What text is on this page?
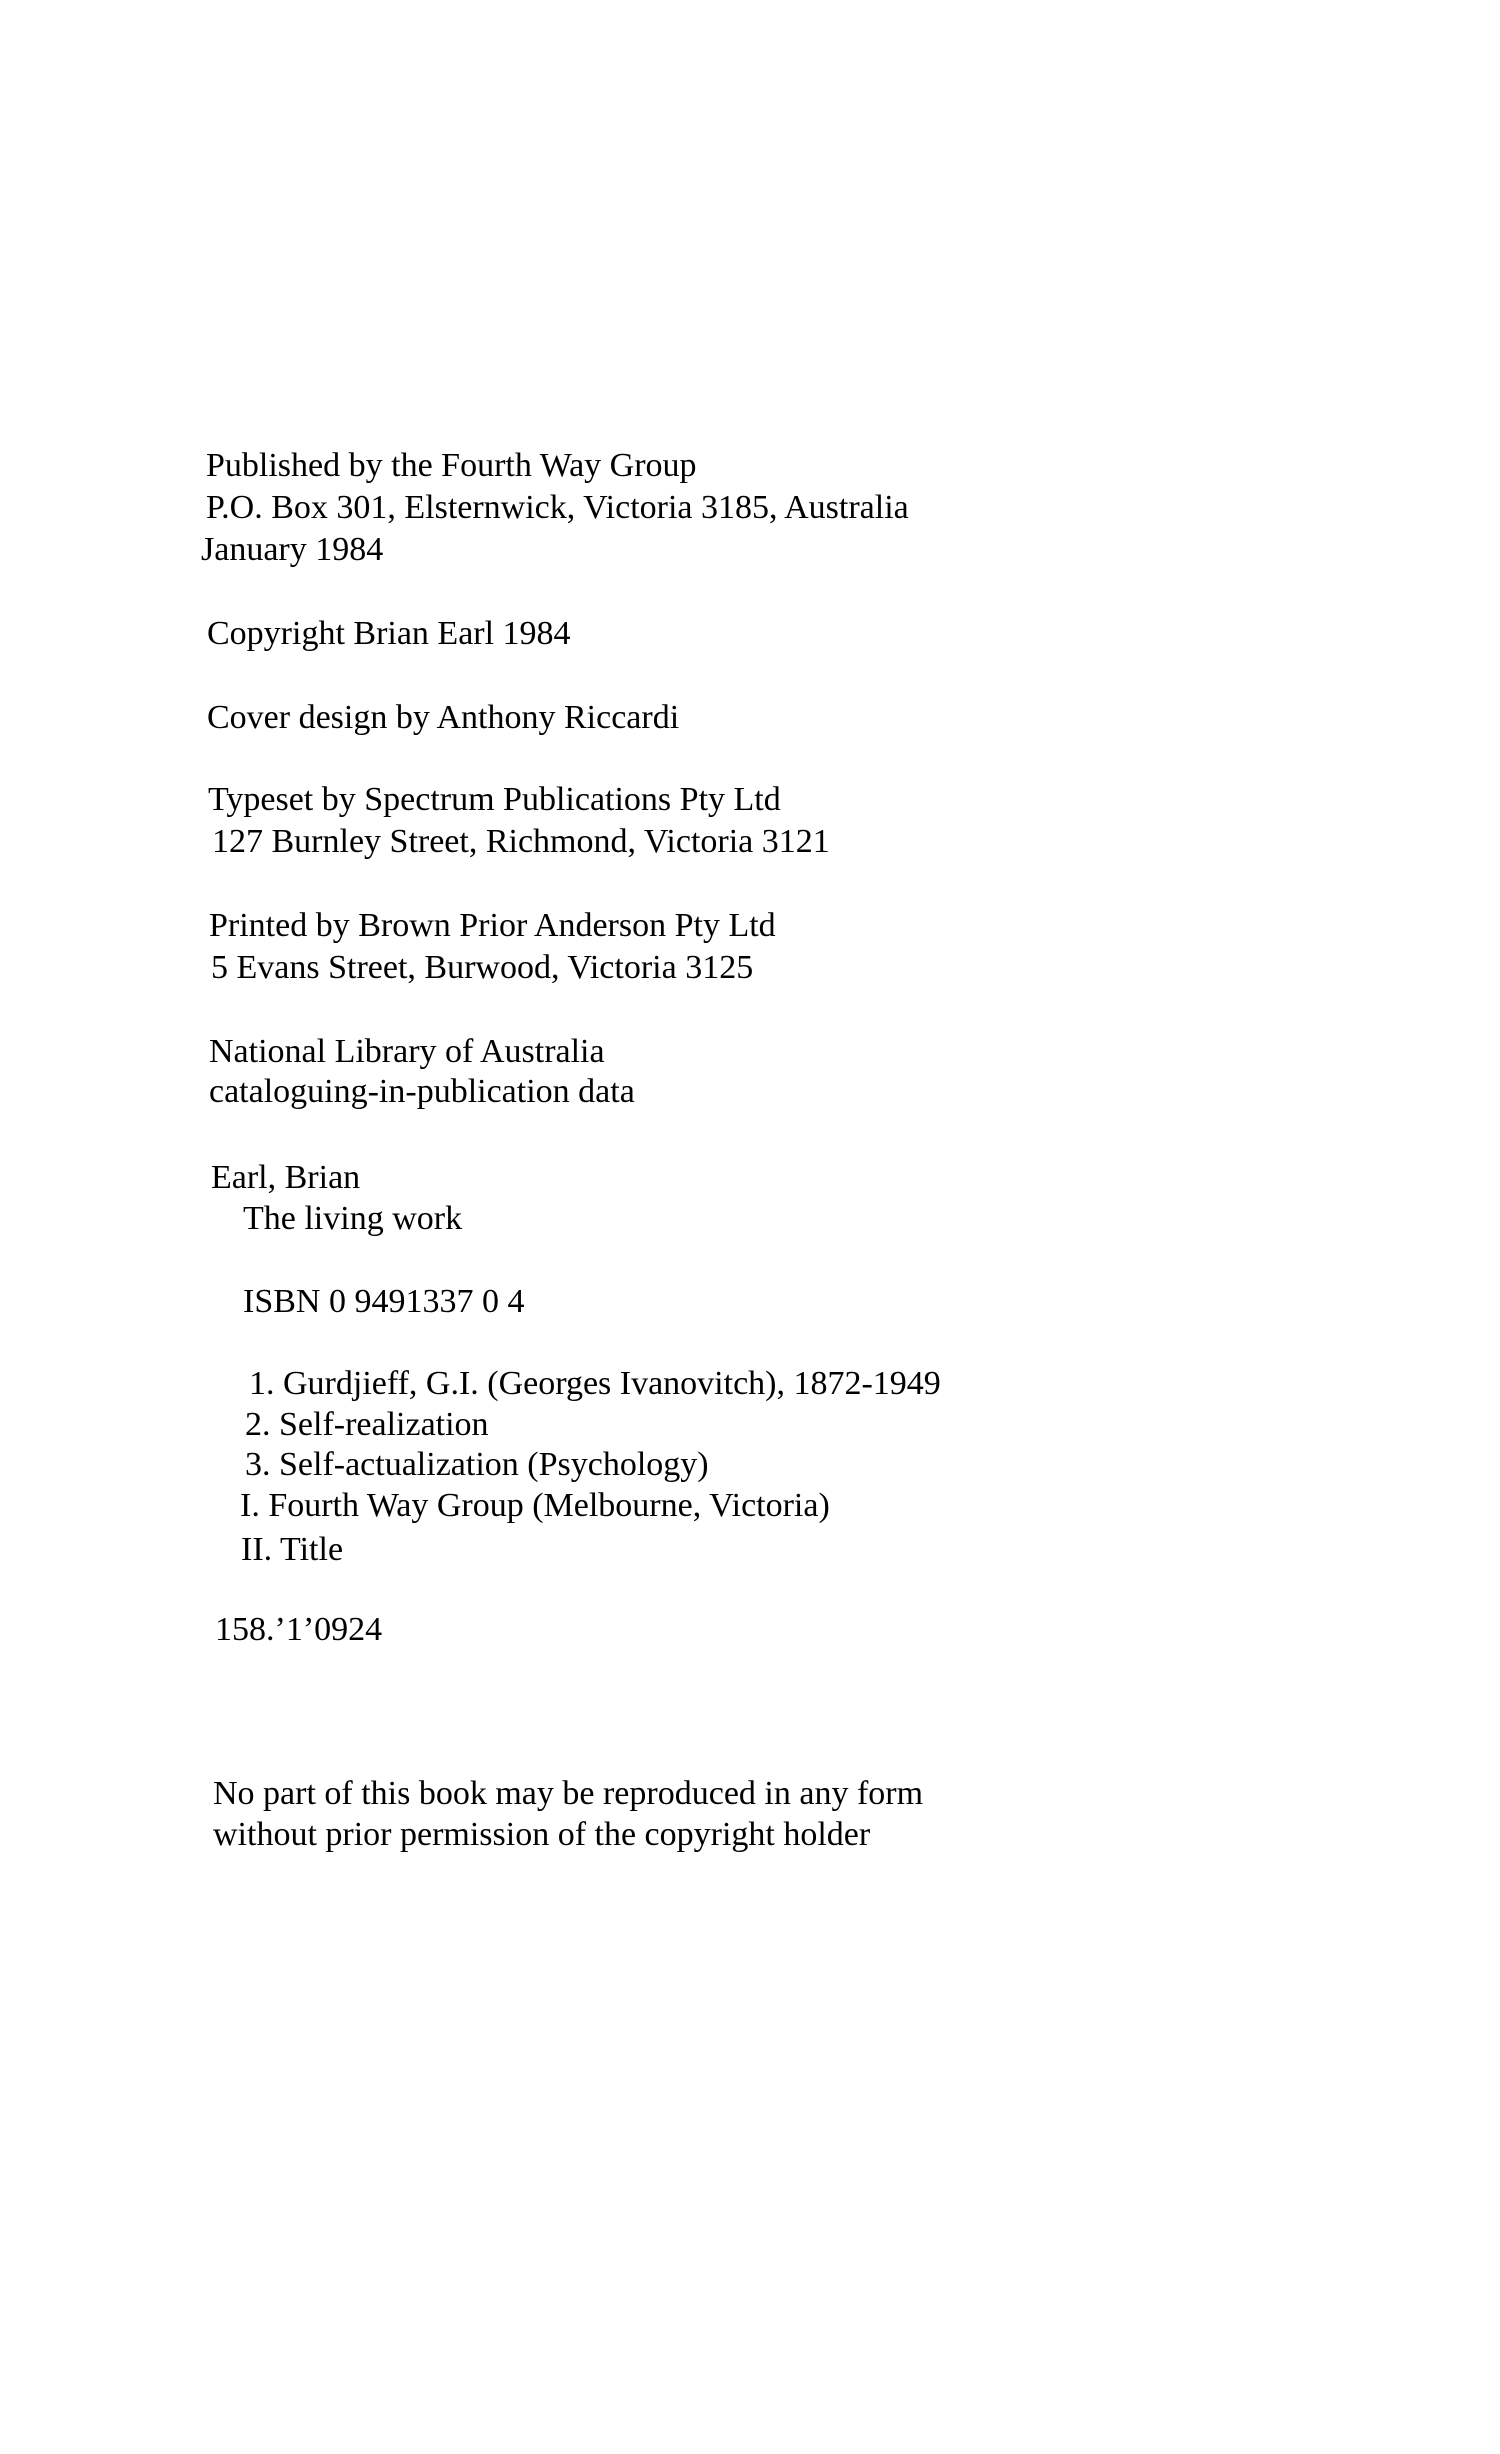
Published by the Fourth Way Group
P.O. Box 301, Elsternwick, Victoria 3185, Australia
January 1984
Copyright Brian Earl 1984
Cover design by Anthony Riccardi
Typeset by Spectrum Publications Pty Ltd
127 Burnley Street, Richmond, Victoria 3121
Printed by Brown Prior Anderson Pty Ltd
5 Evans Street, Burwood, Victoria 3125
National Library of Australia
cataloguing-in-publication data
Earl, Brian
The living work
ISBN 0 9491337 0 4
1. Gurdjieff, G.I. (Georges Ivanovitch), 1872-1949
2. Self-realization
3. Self-actualization (Psychology)
I. Fourth Way Group (Melbourne, Victoria)
II. Title
158.’1’0924
No part of this book may be reproduced in any form
without prior permission of the copyright holder
